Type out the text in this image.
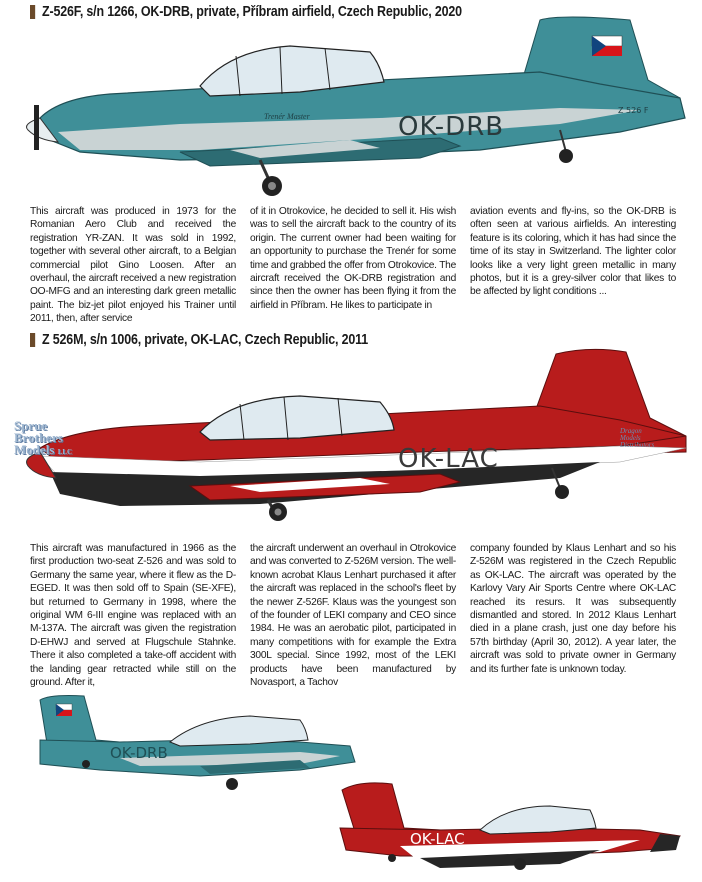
Z-526F, s/n 1266, OK-DRB, private, Příbram airfield, Czech Republic, 2020
OK-DRB
Z 526 F
Trenér Master
OK-LAC
OK-DRB
OK-LAC
Sprue
Brothers
Models LLC
Dragon
Models
Distributors

This aircraft was produced in 1973 for the Romanian Aero Club and received the registration YR-ZAN. It was sold in 1992, together with several other aircraft, to a Belgian commercial pilot Gino Loosen. After an overhaul, the aircraft received a new registration OO-MFG and an interesting dark green metallic paint. The biz-jet pilot enjoyed his Trainer until 2011, then, after service

of it in Otrokovice, he decided to sell it. His wish was to sell the aircraft back to the country of its origin. The current owner had been waiting for an opportunity to purchase the Trenér for some time and grabbed the offer from Otrokovice. The aircraft received the OK-DRB registration and since then the owner has been flying it from the airfield in Příbram. He likes to participate in

aviation events and fly-ins, so the OK-DRB is often seen at various airfields. An interesting feature is its coloring, which it has had since the time of its stay in Switzerland. The lighter color looks like a very light green metallic in many photos, but it is a grey-silver color that likes to be affected by light conditions ...

Z 526M, s/n 1006, private, OK-LAC, Czech Republic, 2011

This aircraft was manufactured in 1966 as the first production two-seat Z-526 and was sold to Germany the same year, where it flew as the D-EGED. It was then sold off to Spain (SE-XFE), but returned to Germany in 1998, where the original WM 6-III engine was replaced with an M-137A. The aircraft was given the registration D-EHWJ and served at Flugschule Stahnke. There it also completed a take-off accident with the landing gear retracted while still on the ground. After it,

the aircraft underwent an overhaul in Otrokovice and was converted to Z-526M version. The well-known acrobat Klaus Lenhart purchased it after the aircraft was replaced in the school's fleet by the newer Z-526F. Klaus was the youngest son of the founder of LEKI company and CEO since 1984. He was an aerobatic pilot, participated in many competitions with for example the Extra 300L special. Since 1992, most of the LEKI products have been manufactured by Novasport, a Tachov

company founded by Klaus Lenhart and so his Z-526M was registered in the Czech Republic as OK-LAC. The aircraft was operated by the Karlovy Vary Air Sports Centre where OK-LAC reached its resurs. It was subsequently dismantled and stored. In 2012 Klaus Lenhart died in a plane crash, just one day before his 57th birthday (April 30, 2012). A year later, the aircraft was sold to private owner in Germany and its further fate is unknown today.
